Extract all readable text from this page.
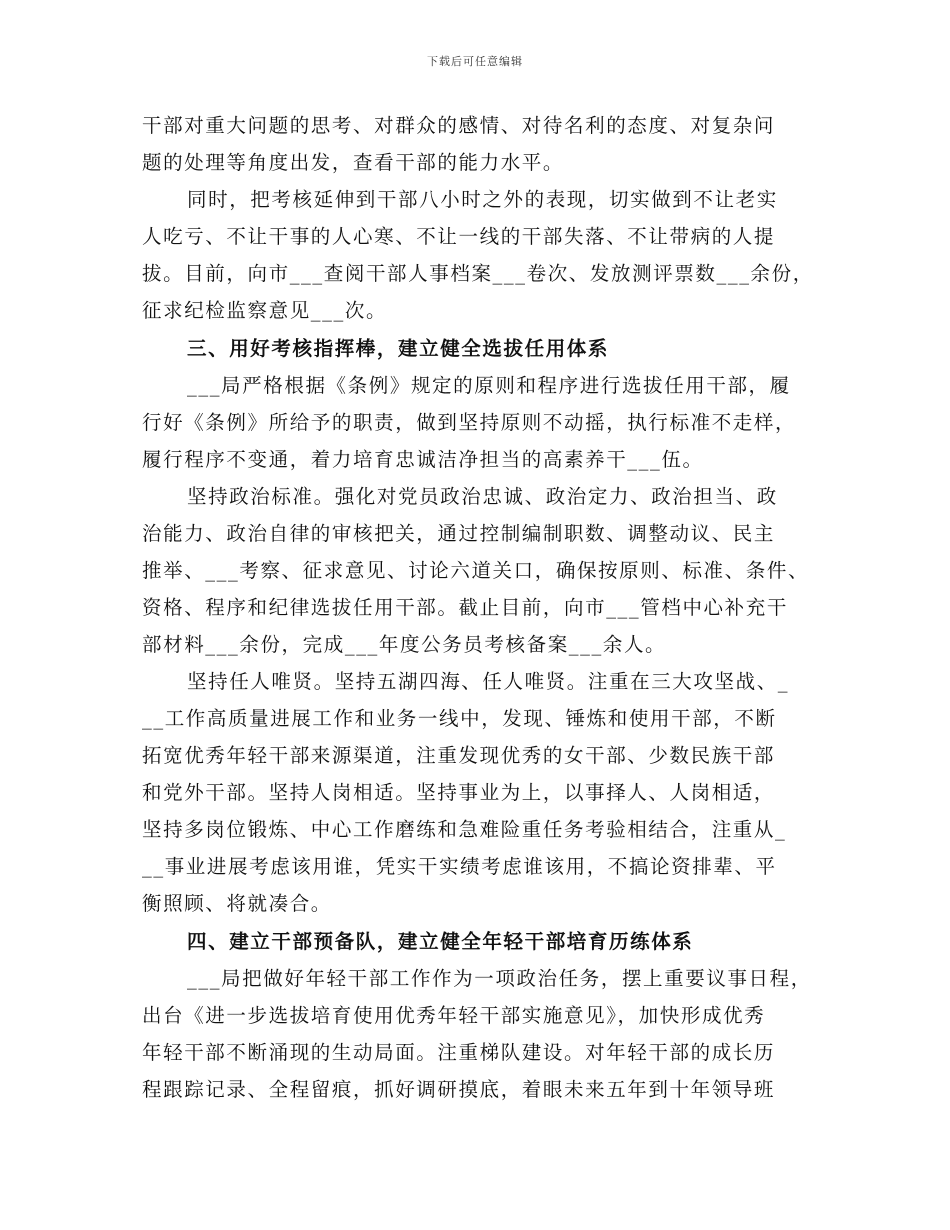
下载后可任意编辑
干部对重大问题的思考、对群众的感情、对待名利的态度、对复杂问
题的处理等角度出发，查看干部的能力水平。
同时，把考核延伸到干部八小时之外的表现，切实做到不让老实
人吃亏、不让干事的人心寒、不让一线的干部失落、不让带病的人提
拔。目前，向市___查阅干部人事档案___卷次、发放测评票数___余份，
征求纪检监察意见___次。
三、用好考核指挥棒，建立健全选拔任用体系
___局严格根据《条例》规定的原则和程序进行选拔任用干部，履
行好《条例》所给予的职责，做到坚持原则不动摇，执行标准不走样，
履行程序不变通，着力培育忠诚洁净担当的高素养干___伍。
坚持政治标准。强化对党员政治忠诚、政治定力、政治担当、政
治能力、政治自律的审核把关，通过控制编制职数、调整动议、民主
推举、___考察、征求意见、讨论六道关口，确保按原则、标准、条件、
资格、程序和纪律选拔任用干部。截止目前，向市___管档中心补充干
部材料___余份，完成___年度公务员考核备案___余人。
坚持任人唯贤。坚持五湖四海、任人唯贤。注重在三大攻坚战、_
__工作高质量进展工作和业务一线中，发现、锤炼和使用干部，不断
拓宽优秀年轻干部来源渠道，注重发现优秀的女干部、少数民族干部
和党外干部。坚持人岗相适。坚持事业为上，以事择人、人岗相适，
坚持多岗位锻炼、中心工作磨练和急难险重任务考验相结合，注重从_
__事业进展考虑该用谁，凭实干实绩考虑谁该用，不搞论资排辈、平
衡照顾、将就凑合。
四、建立干部预备队，建立健全年轻干部培育历练体系
___局把做好年轻干部工作作为一项政治任务，摆上重要议事日程，
出台《进一步选拔培育使用优秀年轻干部实施意见》，加快形成优秀
年轻干部不断涌现的生动局面。注重梯队建设。对年轻干部的成长历
程跟踪记录、全程留痕，抓好调研摸底，着眼未来五年到十年领导班
